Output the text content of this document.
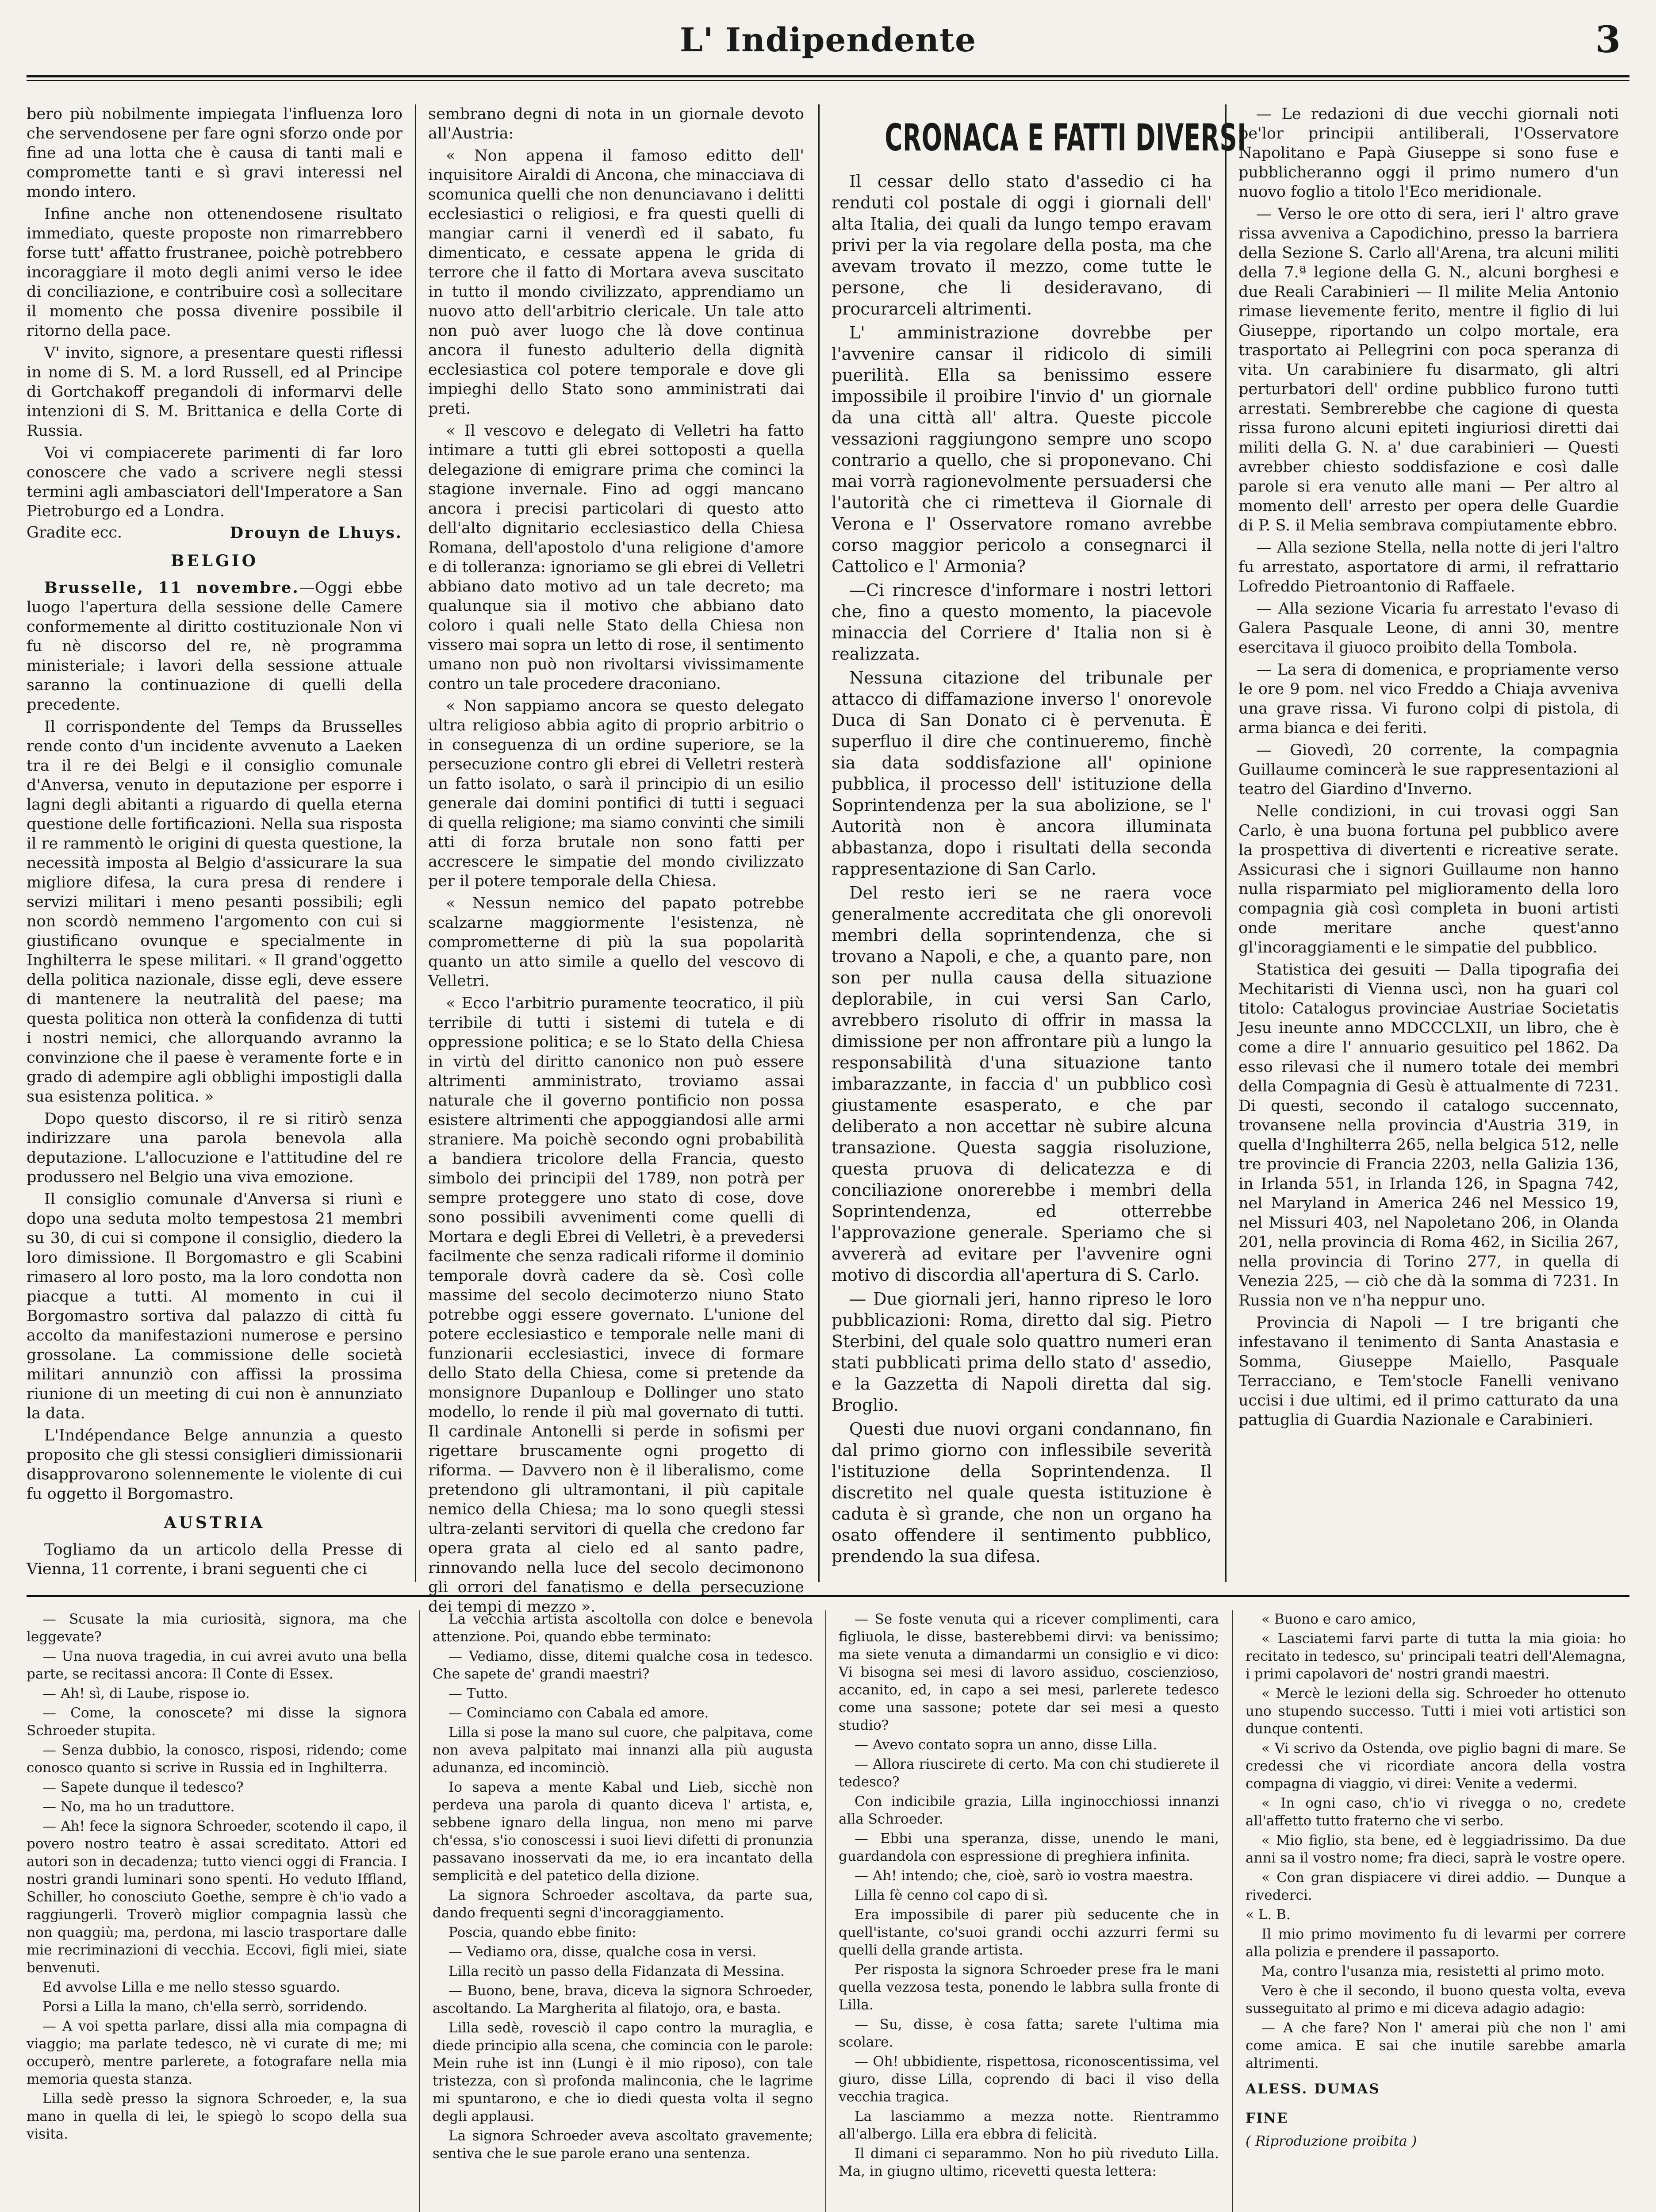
L' Indipendente	3

bero più nobilmente impiegata l'influenza loro che servendosene per fare ogni sforzo onde por fine ad una lotta che è causa di tanti mali e compromette tanti e sì gravi interessi nel mondo intero.

Infine anche non ottenendosene risultato immediato, queste proposte non rimarrebbero forse tutt' affatto frustranee, poichè potrebbero incoraggiare il moto degli animi verso le idee di conciliazione, e contribuire così a sollecitare il momento che possa divenire possibile il ritorno della pace.

V' invito, signore, a presentare questi riflessi in nome di S. M. a lord Russell, ed al Principe di Gortchakoff pregandoli di informarvi delle intenzioni di S. M. Brittanica e della Corte di Russia.

Voi vi compiacerete parimenti di far loro conoscere che vado a scrivere negli stessi termini agli ambasciatori dell'Imperatore a San Pietroburgo ed a Londra.

Gradite ecc.	Drouyn de Lhuys.
BELGIO

Brusselle, 11 novembre.—Oggi ebbe luogo l'apertura della sessione delle Camere conformemente al diritto costituzionale Non vi fu nè discorso del re, nè programma ministeriale; i lavori della sessione attuale saranno la continuazione di quelli della precedente.

Il corrispondente del Temps da Brusselles rende conto d'un incidente avvenuto a Laeken tra il re dei Belgi e il consiglio comunale d'Anversa, venuto in deputazione per esporre i lagni degli abitanti a riguardo di quella eterna questione delle fortificazioni. Nella sua risposta il re rammentò le origini di questa questione, la necessità imposta al Belgio d'assicurare la sua migliore difesa, la cura presa di rendere i servizi militari i meno pesanti possibili; egli non scordò nemmeno l'argomento con cui si giustificano ovunque e specialmente in Inghilterra le spese militari. « Il grand'oggetto della politica nazionale, disse egli, deve essere di mantenere la neutralità del paese; ma questa politica non otterà la confidenza di tutti i nostri nemici, che allorquando avranno la convinzione che il paese è veramente forte e in grado di adempire agli obblighi impostigli dalla sua esistenza politica. »

Dopo questo discorso, il re si ritirò senza indirizzare una parola benevola alla deputazione. L'allocuzione e l'attitudine del re produssero nel Belgio una viva emozione.

Il consiglio comunale d'Anversa si riunì e dopo una seduta molto tempestosa 21 membri su 30, di cui si compone il consiglio, diedero la loro dimissione. Il Borgomastro e gli Scabini rimasero al loro posto, ma la loro condotta non piacque a tutti. Al momento in cui il Borgomastro sortiva dal palazzo di città fu accolto da manifestazioni numerose e persino grossolane. La commissione delle società militari annunziò con affissi la prossima riunione di un meeting di cui non è annunziato la data.

L'Indépendance Belge annunzia a questo proposito che gli stessi consiglieri dimissionarii disapprovarono solennemente le violente di cui fu oggetto il Borgomastro.

AUSTRIA

Togliamo da un articolo della Presse di Vienna, 11 corrente, i brani seguenti che ci

sembrano degni di nota in un giornale devoto all'Austria:

« Non appena il famoso editto dell' inquisitore Airaldi di Ancona, che minacciava di scomunica quelli che non denunciavano i delitti ecclesiastici o religiosi, e fra questi quelli di mangiar carni il venerdì ed il sabato, fu dimenticato, e cessate appena le grida di terrore che il fatto di Mortara aveva suscitato in tutto il mondo civilizzato, apprendiamo un nuovo atto dell'arbitrio clericale. Un tale atto non può aver luogo che là dove continua ancora il funesto adulterio della dignità ecclesiastica col potere temporale e dove gli impieghi dello Stato sono amministrati dai preti.

« Il vescovo e delegato di Velletri ha fatto intimare a tutti gli ebrei sottoposti a quella delegazione di emigrare prima che cominci la stagione invernale. Fino ad oggi mancano ancora i precisi particolari di questo atto dell'alto dignitario ecclesiastico della Chiesa Romana, dell'apostolo d'una religione d'amore e di tolleranza: ignoriamo se gli ebrei di Velletri abbiano dato motivo ad un tale decreto; ma qualunque sia il motivo che abbiano dato coloro i quali nelle Stato della Chiesa non vissero mai sopra un letto di rose, il sentimento umano non può non rivoltarsi vivissimamente contro un tale procedere draconiano.

« Non sappiamo ancora se questo delegato ultra religioso abbia agito di proprio arbitrio o in conseguenza di un ordine superiore, se la persecuzione contro gli ebrei di Velletri resterà un fatto isolato, o sarà il principio di un esilio generale dai domini pontifici di tutti i seguaci di quella religione; ma siamo convinti che simili atti di forza brutale non sono fatti per accrescere le simpatie del mondo civilizzato per il potere temporale della Chiesa.

« Nessun nemico del papato potrebbe scalzarne maggiormente l'esistenza, nè comprometterne di più la sua popolarità quanto un atto simile a quello del vescovo di Velletri.

« Ecco l'arbitrio puramente teocratico, il più terribile di tutti i sistemi di tutela e di oppressione politica; e se lo Stato della Chiesa in virtù del diritto canonico non può essere altrimenti amministrato, troviamo assai naturale che il governo pontificio non possa esistere altrimenti che appoggiandosi alle armi straniere. Ma poichè secondo ogni probabilità a bandiera tricolore della Francia, questo simbolo dei principii del 1789, non potrà per sempre proteggere uno stato di cose, dove sono possibili avvenimenti come quelli di Mortara e degli Ebrei di Velletri, è a prevedersi facilmente che senza radicali riforme il dominio temporale dovrà cadere da sè. Così colle massime del secolo decimoterzo niuno Stato potrebbe oggi essere governato. L'unione del potere ecclesiastico e temporale nelle mani di funzionarii ecclesiastici, invece di formare dello Stato della Chiesa, come si pretende da monsignore Dupanloup e Dollinger uno stato modello, lo rende il più mal governato di tutti. Il cardinale Antonelli si perde in sofismi per rigettare bruscamente ogni progetto di riforma. — Davvero non è il liberalismo, come pretendono gli ultramontani, il più capitale nemico della Chiesa; ma lo sono quegli stessi ultra-zelanti servitori di quella che credono far opera grata al cielo ed al santo padre, rinnovando nella luce del secolo decimonono gli orrori del fanatismo e della persecuzione dei tempi di mezzo ».

CRONACA E FATTI DIVERSI

Il cessar dello stato d'assedio ci ha renduti col postale di oggi i giornali dell' alta Italia, dei quali da lungo tempo eravam privi per la via regolare della posta, ma che avevam trovato il mezzo, come tutte le persone, che li desideravano, di procurarceli altrimenti.

L' amministrazione dovrebbe per l'avvenire cansar il ridicolo di simili puerilità. Ella sa benissimo essere impossibile il proibire l'invio d' un giornale da una città all' altra. Queste piccole vessazioni raggiungono sempre uno scopo contrario a quello, che si proponevano. Chi mai vorrà ragionevolmente persuadersi che l'autorità che ci rimetteva il Giornale di Verona e l' Osservatore romano avrebbe corso maggior pericolo a consegnarci il Cattolico e l' Armonia?

—Ci rincresce d'informare i nostri lettori che, fino a questo momento, la piacevole minaccia del Corriere d' Italia non si è realizzata.

Nessuna citazione del tribunale per attacco di diffamazione inverso l' onorevole Duca di San Donato ci è pervenuta. È superfluo il dire che continueremo, finchè sia data soddisfazione all' opinione pubblica, il processo dell' istituzione della Soprintendenza per la sua abolizione, se l' Autorità non è ancora illuminata abbastanza, dopo i risultati della seconda rappresentazione di San Carlo.

Del resto ieri se ne raera voce generalmente accreditata che gli onorevoli membri della soprintendenza, che si trovano a Napoli, e che, a quanto pare, non son per nulla causa della situazione deplorabile, in cui versi San Carlo, avrebbero risoluto di offrir in massa la dimissione per non affrontare più a lungo la responsabilità d'una situazione tanto imbarazzante, in faccia d' un pubblico così giustamente esasperato, e che par deliberato a non accettar nè subire alcuna transazione. Questa saggia risoluzione, questa pruova di delicatezza e di conciliazione onorerebbe i membri della Soprintendenza, ed otterrebbe l'approvazione generale. Speriamo che si avvererà ad evitare per l'avvenire ogni motivo di discordia all'apertura di S. Carlo.

— Due giornali jeri, hanno ripreso le loro pubblicazioni: Roma, diretto dal sig. Pietro Sterbini, del quale solo quattro numeri eran stati pubblicati prima dello stato d' assedio, e la Gazzetta di Napoli diretta dal sig. Broglio.

Questi due nuovi organi condannano, fin dal primo giorno con inflessibile severità l'istituzione della Soprintendenza. Il discretito nel quale questa istituzione è caduta è sì grande, che non un organo ha osato offendere il sentimento pubblico, prendendo la sua difesa.

— Le redazioni di due vecchi giornali noti pe'lor principii antiliberali, l'Osservatore Napolitano e Papà Giuseppe si sono fuse e pubblicheranno oggi il primo numero d'un nuovo foglio a titolo l'Eco meridionale.

— Verso le ore otto di sera, ieri l' altro grave rissa avveniva a Capodichino, presso la barriera della Sezione S. Carlo all'Arena, tra alcuni militi della 7.ª legione della G. N., alcuni borghesi e due Reali Carabinieri — Il milite Melia Antonio rimase lievemente ferito, mentre il figlio di lui Giuseppe, riportando un colpo mortale, era trasportato ai Pellegrini con poca speranza di vita. Un carabiniere fu disarmato, gli altri perturbatori dell' ordine pubblico furono tutti arrestati. Sembrerebbe che cagione di questa rissa furono alcuni epiteti ingiuriosi diretti dai militi della G. N. a' due carabinieri — Questi avrebber chiesto soddisfazione e così dalle parole si era venuto alle mani — Per altro al momento dell' arresto per opera delle Guardie di P. S. il Melia sembrava compiutamente ebbro.

— Alla sezione Stella, nella notte di jeri l'altro fu arrestato, asportatore di armi, il refrattario Lofreddo Pietroantonio di Raffaele.

— Alla sezione Vicaria fu arrestato l'evaso di Galera Pasquale Leone, di anni 30, mentre esercitava il giuoco proibito della Tombola.

— La sera di domenica, e propriamente verso le ore 9 pom. nel vico Freddo a Chiaja avveniva una grave rissa. Vi furono colpi di pistola, di arma bianca e dei feriti.

— Giovedì, 20 corrente, la compagnia Guillaume comincerà le sue rappresentazioni al teatro del Giardino d'Inverno.

Nelle condizioni, in cui trovasi oggi San Carlo, è una buona fortuna pel pubblico avere la prospettiva di divertenti e ricreative serate. Assicurasi che i signori Guillaume non hanno nulla risparmiato pel miglioramento della loro compagnia già così completa in buoni artisti onde meritare anche quest'anno gl'incoraggiamenti e le simpatie del pubblico.

Statistica dei gesuiti — Dalla tipografia dei Mechitaristi di Vienna uscì, non ha guari col titolo: Catalogus provinciae Austriae Societatis Jesu ineunte anno MDCCCLXII, un libro, che è come a dire l' annuario gesuitico pel 1862. Da esso rilevasi che il numero totale dei membri della Compagnia di Gesù è attualmente di 7231. Di questi, secondo il catalogo succennato, trovansene nella provincia d'Austria 319, in quella d'Inghilterra 265, nella belgica 512, nelle tre provincie di Francia 2203, nella Galizia 136, in Irlanda 551, in Irlanda 126, in Spagna 742, nel Maryland in America 246 nel Messico 19, nel Missuri 403, nel Napoletano 206, in Olanda 201, nella provincia di Roma 462, in Sicilia 267, nella provincia di Torino 277, in quella di Venezia 225, — ciò che dà la somma di 7231. In Russia non ve n'ha neppur uno.

Provincia di Napoli — I tre briganti che infestavano il tenimento di Santa Anastasia e Somma, Giuseppe Maiello, Pasquale Terracciano, e Tem'stocle Fanelli venivano uccisi i due ultimi, ed il primo catturato da una pattuglia di Guardia Nazionale e Carabinieri.

— Scusate la mia curiosità, signora, ma che leggevate?

— Una nuova tragedia, in cui avrei avuto una bella parte, se recitassi ancora: Il Conte di Essex.

— Ah! sì, di Laube, rispose io.

— Come, la conoscete? mi disse la signora Schroeder stupita.

— Senza dubbio, la conosco, risposi, ridendo; come conosco quanto si scrive in Russia ed in Inghilterra.

— Sapete dunque il tedesco?

— No, ma ho un traduttore.

— Ah! fece la signora Schroeder, scotendo il capo, il povero nostro teatro è assai screditato. Attori ed autori son in decadenza; tutto vienci oggi di Francia. I nostri grandi luminari sono spenti. Ho veduto Iffland, Schiller, ho conosciuto Goethe, sempre è ch'io vado a raggiungerli. Troverò miglior compagnia lassù che non quaggiù; ma, perdona, mi lascio trasportare dalle mie recriminazioni di vecchia. Eccovi, figli miei, siate benvenuti.

Ed avvolse Lilla e me nello stesso sguardo.

Porsi a Lilla la mano, ch'ella serrò, sorridendo.

— A voi spetta parlare, dissi alla mia compagna di viaggio; ma parlate tedesco, nè vi curate di me; mi occuperò, mentre parlerete, a fotografare nella mia memoria questa stanza.

Lilla sedè presso la signora Schroeder, e, la sua mano in quella di lei, le spiegò lo scopo della sua visita.

La vecchia artista ascoltolla con dolce e benevola attenzione. Poi, quando ebbe terminato:

— Vediamo, disse, ditemi qualche cosa in tedesco. Che sapete de' grandi maestri?

— Tutto.

— Cominciamo con Cabala ed amore.

Lilla si pose la mano sul cuore, che palpitava, come non aveva palpitato mai innanzi alla più augusta adunanza, ed incominciò.

Io sapeva a mente Kabal und Lieb, sicchè non perdeva una parola di quanto diceva l' artista, e, sebbene ignaro della lingua, non meno mi parve ch'essa, s'io conoscessi i suoi lievi difetti di pronunzia passavano inosservati da me, io era incantato della semplicità e del patetico della dizione.

La signora Schroeder ascoltava, da parte sua, dando frequenti segni d'incoraggiamento.

Poscia, quando ebbe finito:

— Vediamo ora, disse, qualche cosa in versi.

Lilla recitò un passo della Fidanzata di Messina.

— Buono, bene, brava, diceva la signora Schroeder, ascoltando. La Margherita al filatojo, ora, e basta.

Lilla sedè, rovesciò il capo contro la muraglia, e diede principio alla scena, che comincia con le parole: Mein ruhe ist inn (Lungi è il mio riposo), con tale tristezza, con sì profonda malinconia, che le lagrime mi spuntarono, e che io diedi questa volta il segno degli applausi.

La signora Schroeder aveva ascoltato gravemente; sentiva che le sue parole erano una sentenza.

— Se foste venuta qui a ricever complimenti, cara figliuola, le disse, basterebbemi dirvi: va benissimo; ma siete venuta a dimandarmi un consiglio e vi dico: Vi bisogna sei mesi di lavoro assiduo, coscienzioso, accanito, ed, in capo a sei mesi, parlerete tedesco come una sassone; potete dar sei mesi a questo studio?

— Avevo contato sopra un anno, disse Lilla.

— Allora riuscirete di certo. Ma con chi studierete il tedesco?

Con indicibile grazia, Lilla inginocchiossi innanzi alla Schroeder.

— Ebbi una speranza, disse, unendo le mani, guardandola con espressione di preghiera infinita.

— Ah! intendo; che, cioè, sarò io vostra maestra.

Lilla fè cenno col capo di sì.

Era impossibile di parer più seducente che in quell'istante, co'suoi grandi occhi azzurri fermi su quelli della grande artista.

Per risposta la signora Schroeder prese fra le mani quella vezzosa testa, ponendo le labbra sulla fronte di Lilla.

— Su, disse, è cosa fatta; sarete l'ultima mia scolare.

— Oh! ubbidiente, rispettosa, riconoscentissima, vel giuro, disse Lilla, coprendo di baci il viso della vecchia tragica.

La lasciammo a mezza notte. Rientrammo all'albergo. Lilla era ebbra di felicità.

Il dimani ci separammo. Non ho più riveduto Lilla. Ma, in giugno ultimo, ricevetti questa lettera:

« Buono e caro amico,

« Lasciatemi farvi parte di tutta la mia gioia: ho recitato in tedesco, su' principali teatri dell'Alemagna, i primi capolavori de' nostri grandi maestri.

« Mercè le lezioni della sig. Schroeder ho ottenuto uno stupendo successo. Tutti i miei voti artistici son dunque contenti.

« Vi scrivo da Ostenda, ove piglio bagni di mare. Se credessi che vi ricordiate ancora della vostra compagna di viaggio, vi direi: Venite a vedermi.

« In ogni caso, ch'io vi rivegga o no, credete all'affetto tutto fraterno che vi serbo.

« Mio figlio, sta bene, ed è leggiadrissimo. Da due anni sa il vostro nome; fra dieci, saprà le vostre opere.

« Con gran dispiacere vi direi addio. — Dunque a rivederci.

« L. B.

Il mio primo movimento fu di levarmi per correre alla polizia e prendere il passaporto.

Ma, contro l'usanza mia, resistetti al primo moto.

Vero è che il secondo, il buono questa volta, eveva susseguitato al primo e mi diceva adagio adagio:

— A che fare? Non l' amerai più che non l' ami come amica. E sai che inutile sarebbe amarla altrimenti.

ALESS. DUMAS

FINE

( Riproduzione proibita )
